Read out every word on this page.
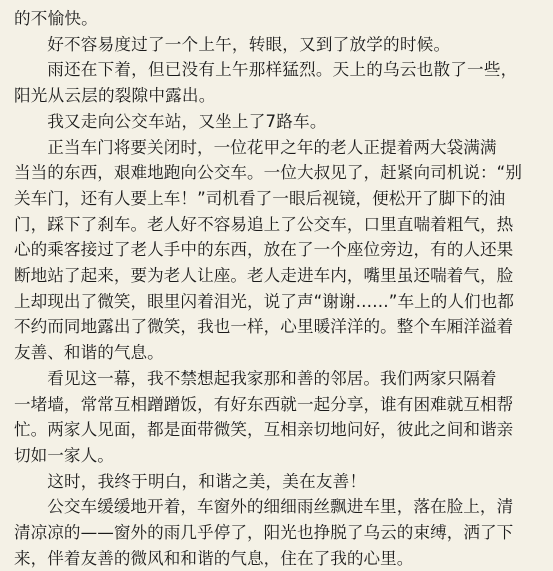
的不愉快。
好不容易度过了一个上午，转眼，又到了放学的时候。
雨还在下着，但已没有上午那样猛烈。天上的乌云也散了一些，
阳光从云层的裂隙中露出。
我又走向公交车站，又坐上了7路车。
正当车门将要关闭时，一位花甲之年的老人正提着两大袋满满
当当的东西，艰难地跑向公交车。一位大叔见了，赶紧向司机说：“别
关车门，还有人要上车！”司机看了一眼后视镜，便松开了脚下的油
门，踩下了刹车。老人好不容易追上了公交车，口里直喘着粗气，热
心的乘客接过了老人手中的东西，放在了一个座位旁边，有的人还果
断地站了起来，要为老人让座。老人走进车内，嘴里虽还喘着气，脸
上却现出了微笑，眼里闪着泪光，说了声“谢谢……”车上的人们也都
不约而同地露出了微笑，我也一样，心里暖洋洋的。整个车厢洋溢着
友善、和谐的气息。
看见这一幕，我不禁想起我家那和善的邻居。我们两家只隔着
一堵墙，常常互相蹭蹭饭，有好东西就一起分享，谁有困难就互相帮
忙。两家人见面，都是面带微笑，互相亲切地问好，彼此之间和谐亲
切如一家人。
这时，我终于明白，和谐之美，美在友善！
公交车缓缓地开着，车窗外的细细雨丝飘进车里，落在脸上，清
清凉凉的——窗外的雨几乎停了，阳光也挣脱了乌云的束缚，洒了下
来，伴着友善的微风和和谐的气息，住在了我的心里。
